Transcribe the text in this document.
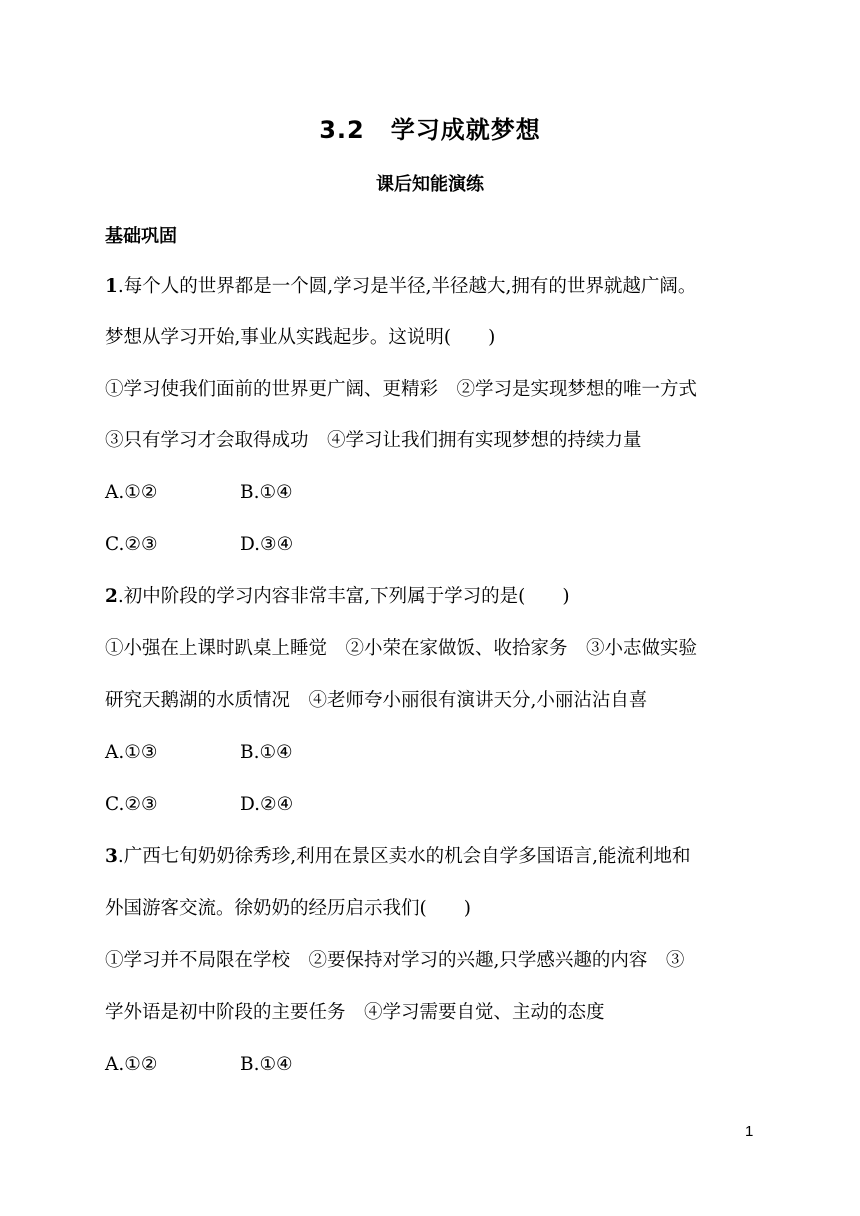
3.2 学习成就梦想
课后知能演练
基础巩固
1.每个人的世界都是一个圆,学习是半径,半径越大,拥有的世界就越广阔。
梦想从学习开始,事业从实践起步。这说明(　　)
①学习使我们面前的世界更广阔、更精彩　②学习是实现梦想的唯一方式
③只有学习才会取得成功　④学习让我们拥有实现梦想的持续力量
A.①②	B.①④
C.②③	D.③④
2.初中阶段的学习内容非常丰富,下列属于学习的是(　　)
①小强在上课时趴桌上睡觉　②小荣在家做饭、收拾家务　③小志做实验
研究天鹅湖的水质情况　④老师夸小丽很有演讲天分,小丽沾沾自喜
A.①③	B.①④
C.②③	D.②④
3.广西七旬奶奶徐秀珍,利用在景区卖水的机会自学多国语言,能流利地和
外国游客交流。徐奶奶的经历启示我们(　　)
①学习并不局限在学校　②要保持对学习的兴趣,只学感兴趣的内容　③
学外语是初中阶段的主要任务　④学习需要自觉、主动的态度
A.①②	B.①④
1
